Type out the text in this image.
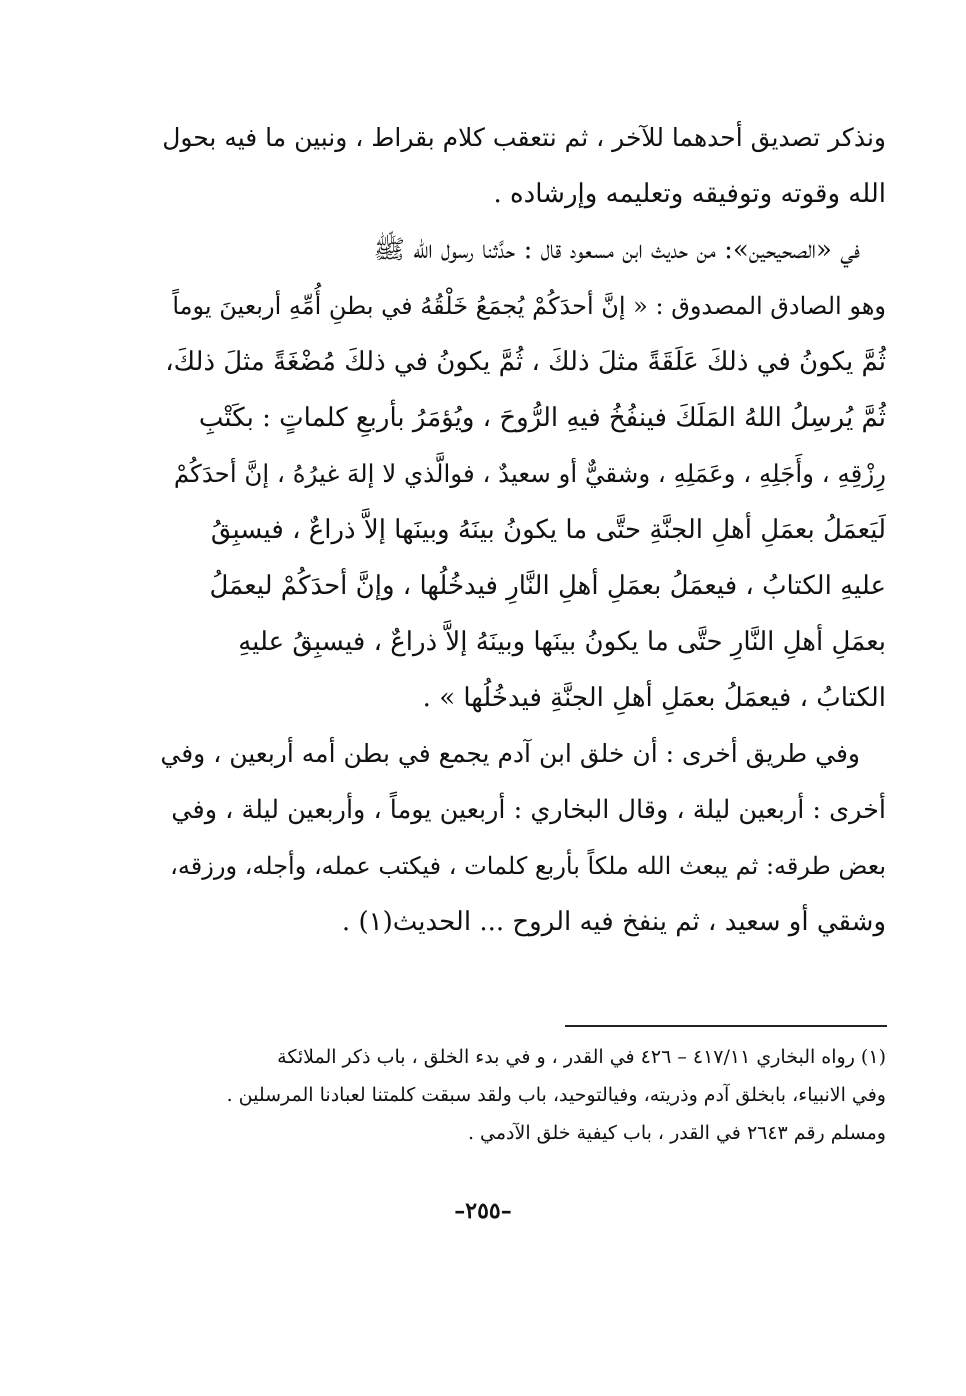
ونذكر تصديق أحدهما للآخر ، ثم نتعقب كلام بقراط ، ونبين ما فيه بحول
الله وقوته وتوفيقه وتعليمه وإرشاده .
في «الصحيحين»: من حديث ابن مسعود قال : حدَّثنا رسول الله ﷺ
وهو الصادق المصدوق : « إنَّ أحدَكُمْ يُجمَعُ خَلْقُهُ في بطنِ أُمِّهِ أربعينَ يوماً
ثُمَّ يكونُ في ذلكَ عَلَقَةً مثلَ ذلكَ ، ثُمَّ يكونُ في ذلكَ مُضْغَةً مثلَ ذلكَ،
ثُمَّ يُرسِلُ اللهُ المَلَكَ فينفُخُ فيهِ الرُّوحَ ، ويُؤمَرُ بأربعِ كلماتٍ : بكَتْبِ
رِزْقِهِ ، وأَجَلِهِ ، وعَمَلِهِ ، وشقيٌّ أو سعيدٌ ، فوالَّذي لا إلهَ غيرُهُ ، إنَّ أحدَكُمْ
لَيَعمَلُ بعمَلِ أهلِ الجنَّةِ حتَّى ما يكونُ بينَهُ وبينَها إلاَّ ذراعٌ ، فيسبِقُ
عليهِ الكتابُ ، فيعمَلُ بعمَلِ أهلِ النَّارِ فيدخُلُها ، وإنَّ أحدَكُمْ ليعمَلُ
بعمَلِ أهلِ النَّارِ حتَّى ما يكونُ بينَها وبينَهُ إلاَّ ذراعٌ ، فيسبِقُ عليهِ
الكتابُ ، فيعمَلُ بعمَلِ أهلِ الجنَّةِ فيدخُلُها » .
وفي طريق أخرى : أن خلق ابن آدم يجمع في بطن أمه أربعين ، وفي
أخرى : أربعين ليلة ، وقال البخاري : أربعين يوماً ، وأربعين ليلة ، وفي
بعض طرقه: ثم يبعث الله ملكاً بأربع كلمات ، فيكتب عمله، وأجله، ورزقه،
وشقي أو سعيد ، ثم ينفخ فيه الروح ... الحديث(١) .
(١) رواه البخاري ٤١٧/١١ – ٤٢٦ في القدر ، و في بدء الخلق ، باب ذكر الملائكة
وفي الانبياء، بابخلق آدم وذريته، وفيالتوحيد، باب ولقد سبقت كلمتنا لعبادنا المرسلين .
ومسلم رقم ٢٦٤٣ في القدر ، باب كيفية خلق الآدمي .
–٢٥٥–
